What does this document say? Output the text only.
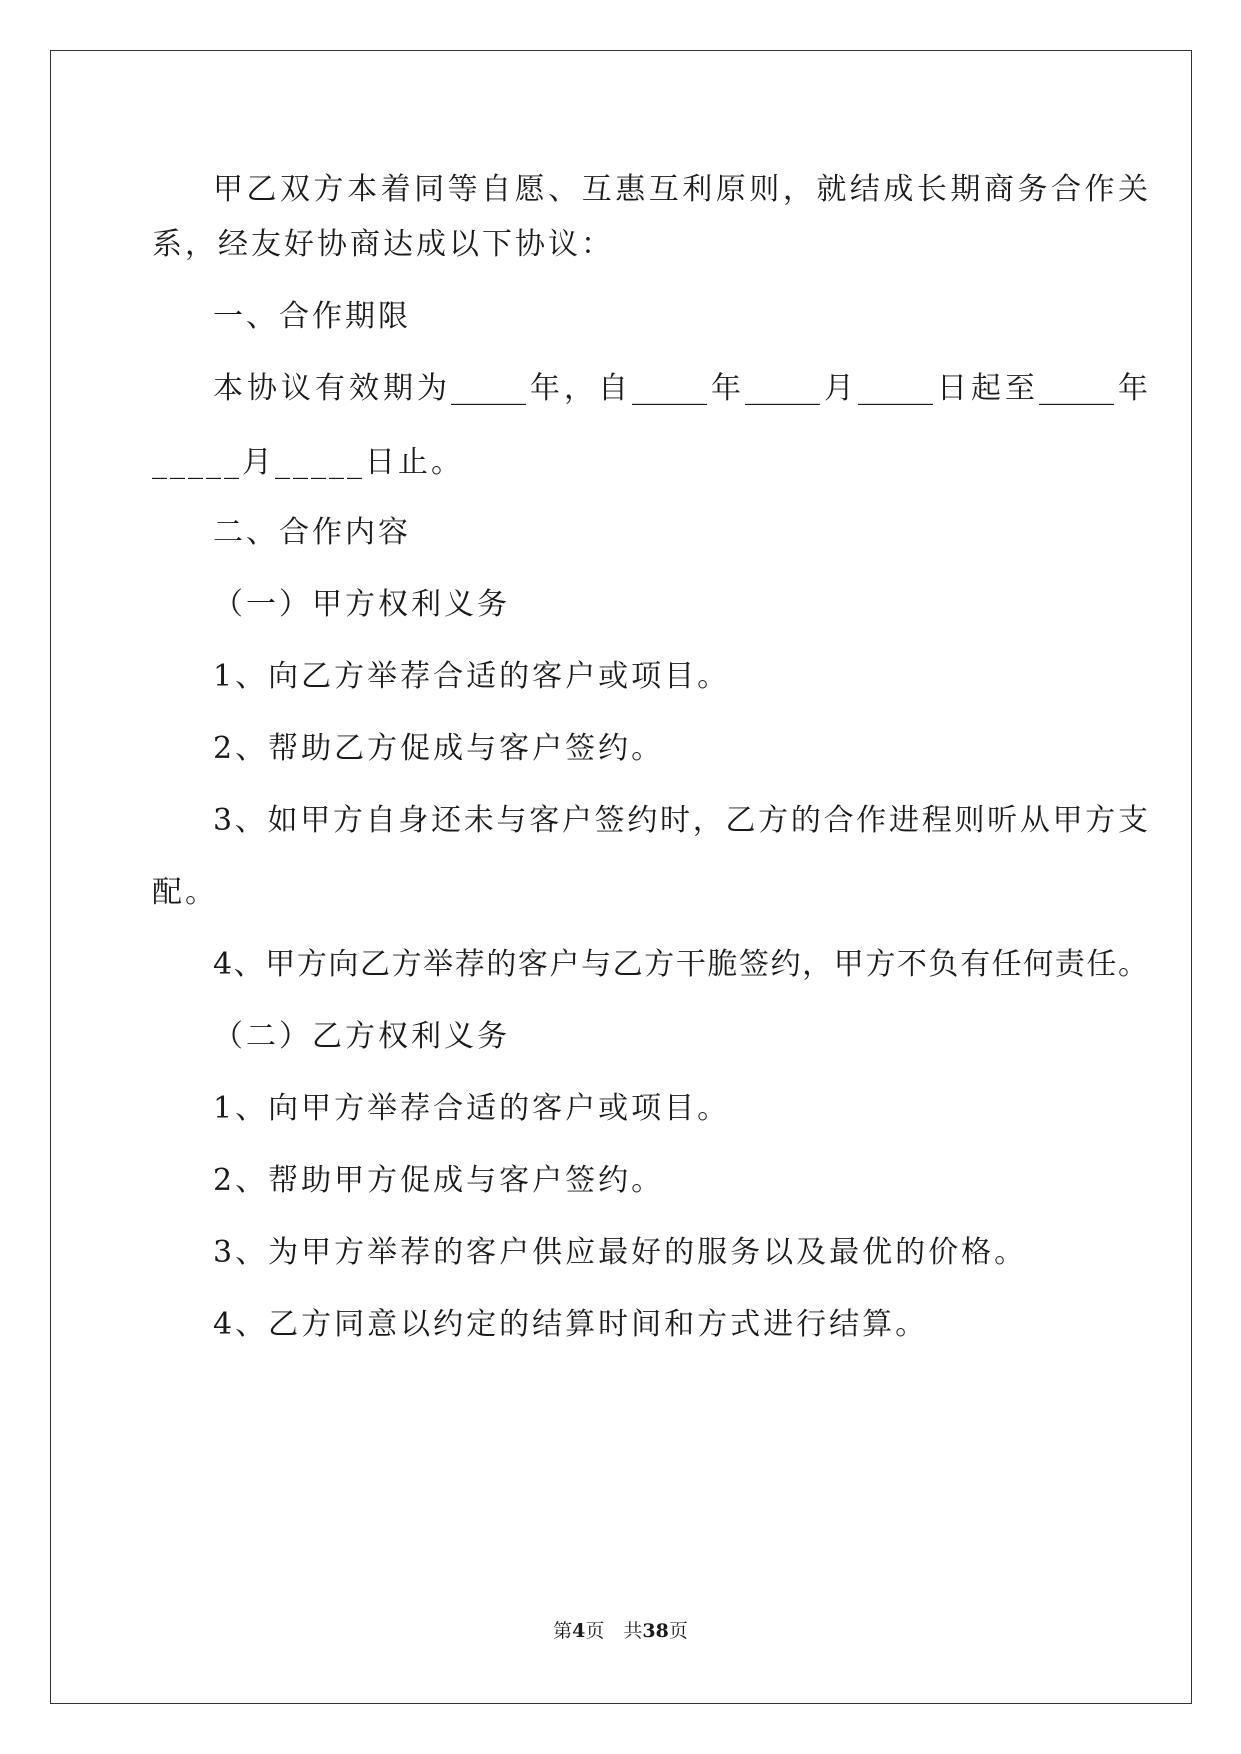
甲乙双方本着同等自愿、互惠互利原则，就结成长期商务合作关
系，经友好协商达成以下协议：
一、合作期限
本协议有效期为_____年，自_____年_____月_____日起至_____年
_____月_____日止。
二、合作内容
（一）甲方权利义务
1、向乙方举荐合适的客户或项目。
2、帮助乙方促成与客户签约。
3、如甲方自身还未与客户签约时，乙方的合作进程则听从甲方支
配。
4、甲方向乙方举荐的客户与乙方干脆签约，甲方不负有任何责任。
（二）乙方权利义务
1、向甲方举荐合适的客户或项目。
2、帮助甲方促成与客户签约。
3、为甲方举荐的客户供应最好的服务以及最优的价格。
4、乙方同意以约定的结算时间和方式进行结算。
第4页　共38页
